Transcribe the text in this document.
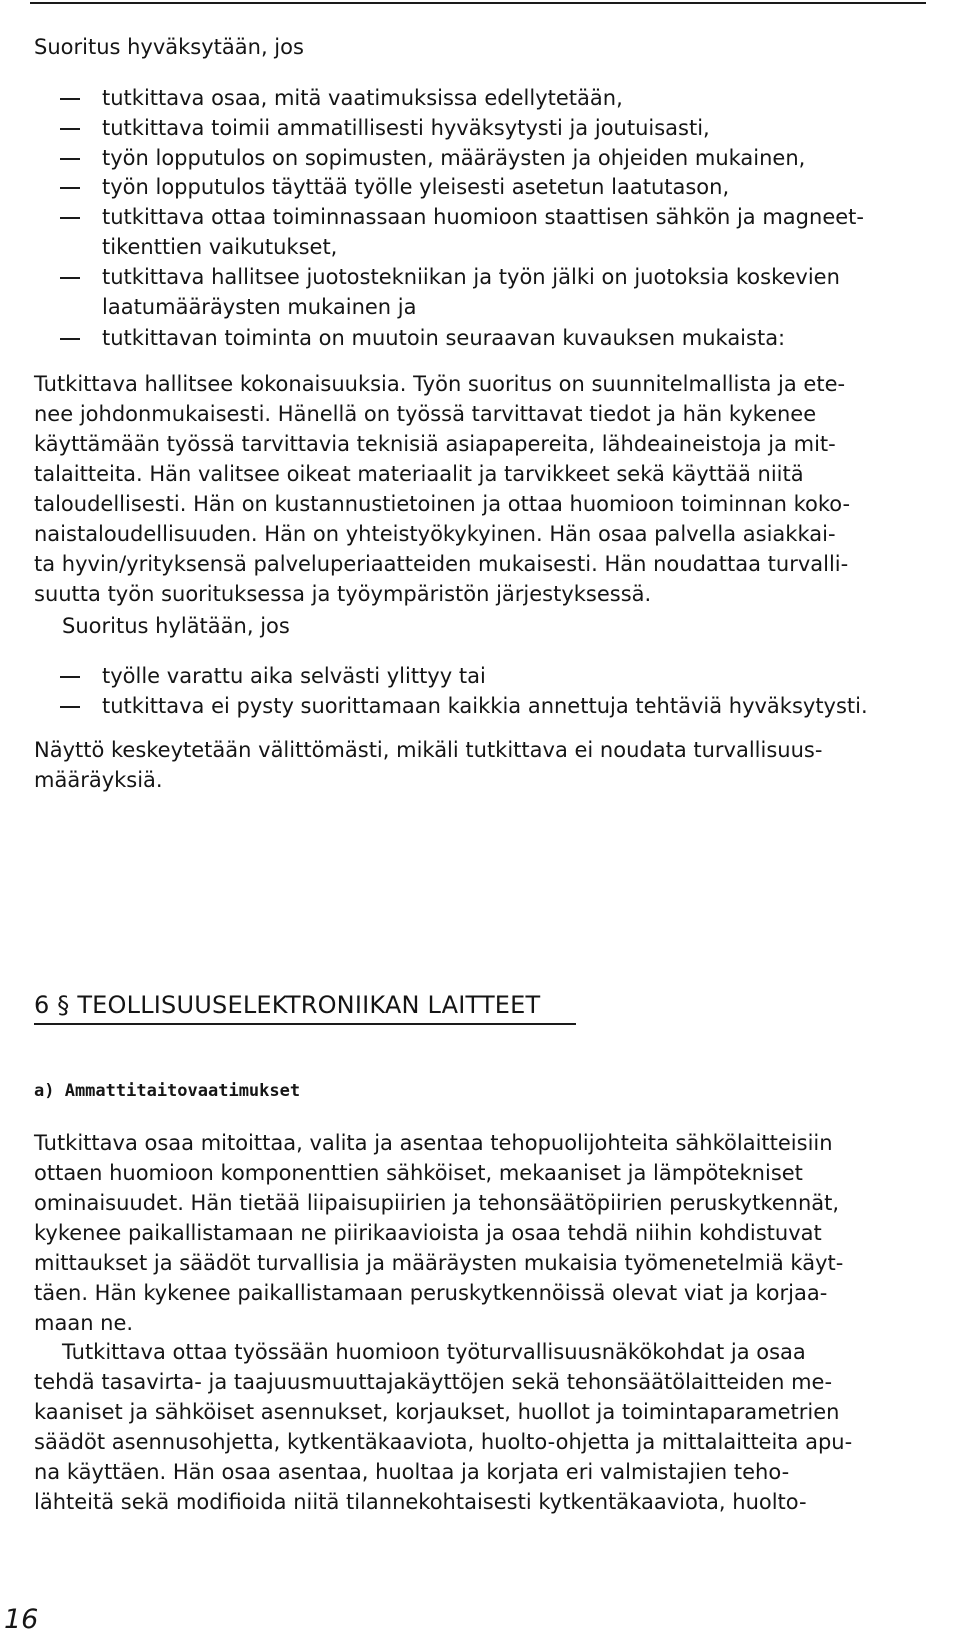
Suoritus hyväksytään, jos
tutkittava osaa, mitä vaatimuksissa edellytetään,
tutkittava toimii ammatillisesti hyväksytysti ja joutuisasti,
työn lopputulos on sopimusten, määräysten ja ohjeiden mukainen,
työn lopputulos täyttää työlle yleisesti asetetun laatutason,
tutkittava ottaa toiminnassaan huomioon staattisen sähkön ja magneet-
tikenttien vaikutukset,
tutkittava hallitsee juotostekniikan ja työn jälki on juotoksia koskevien
laatumääräysten mukainen ja
tutkittavan toiminta on muutoin seuraavan kuvauksen mukaista:
Tutkittava hallitsee kokonaisuuksia. Työn suoritus on suunnitelmallista ja ete-
nee johdonmukaisesti. Hänellä on työssä tarvittavat tiedot ja hän kykenee
käyttämään työssä tarvittavia teknisiä asiapapereita, lähdeaineistoja ja mit-
talaitteita. Hän valitsee oikeat materiaalit ja tarvikkeet sekä käyttää niitä
taloudellisesti. Hän on kustannustietoinen ja ottaa huomioon toiminnan koko-
naistaloudellisuuden. Hän on yhteistyökykyinen. Hän osaa palvella asiakkai-
ta hyvin/yrityksensä palveluperiaatteiden mukaisesti. Hän noudattaa turvalli-
suutta työn suorituksessa ja työympäristön järjestyksessä.
Suoritus hylätään, jos
työlle varattu aika selvästi ylittyy tai
tutkittava ei pysty suorittamaan kaikkia annettuja tehtäviä hyväksytysti.
Näyttö keskeytetään välittömästi, mikäli tutkittava ei noudata turvallisuus-
määräyksiä.
6 § TEOLLISUUSELEKTRONIIKAN LAITTEET
a) Ammattitaitovaatimukset
Tutkittava osaa mitoittaa, valita ja asentaa tehopuolijohteita sähkölaitteisiin
ottaen huomioon komponenttien sähköiset, mekaaniset ja lämpötekniset
ominaisuudet. Hän tietää liipaisupiirien ja tehonsäätöpiirien peruskytkennät,
kykenee paikallistamaan ne piirikaavioista ja osaa tehdä niihin kohdistuvat
mittaukset ja säädöt turvallisia ja määräysten mukaisia työmenetelmiä käyt-
täen. Hän kykenee paikallistamaan peruskytkennöissä olevat viat ja korjaa-
maan ne.
Tutkittava ottaa työssään huomioon työturvallisuusnäkökohdat ja osaa
tehdä tasavirta- ja taajuusmuuttajakäyttöjen sekä tehonsäätölaitteiden me-
kaaniset ja sähköiset asennukset, korjaukset, huollot ja toimintaparametrien
säädöt asennusohjetta, kytkentäkaaviota, huolto-ohjetta ja mittalaitteita apu-
na käyttäen. Hän osaa asentaa, huoltaa ja korjata eri valmistajien teho-
lähteitä sekä modifioida niitä tilannekohtaisesti kytkentäkaaviota, huolto-
16
